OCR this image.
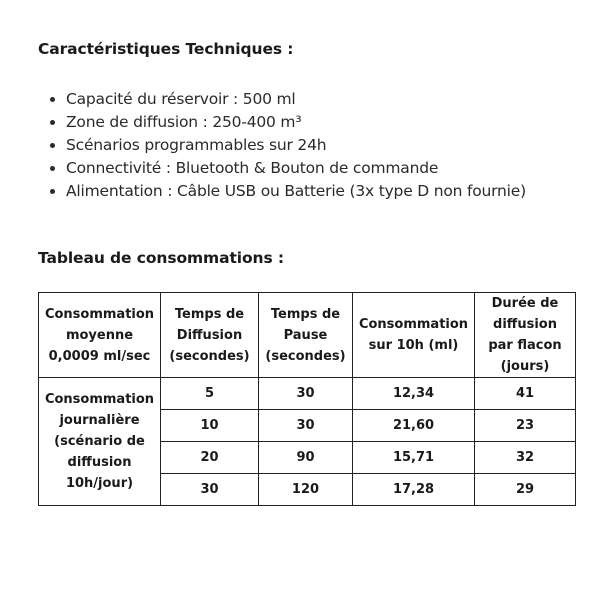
Caractéristiques Techniques :
Capacité du réservoir : 500 ml
Zone de diffusion : 250-400 m³
Scénarios programmables sur 24h
Connectivité : Bluetooth & Bouton de commande
Alimentation : Câble USB ou Batterie (3x type D non fournie)
Tableau de consommations :
Consommation moyenne 0,0009 ml/sec	Temps de Diffusion (secondes)	Temps de Pause (secondes)	Consommation sur 10h (ml)	Durée de diffusion par flacon (jours)
Consommation journalière (scénario de diffusion 10h/jour)	5	30	12,34	41
	10	30	21,60	23
	20	90	15,71	32
	30	120	17,28	29
